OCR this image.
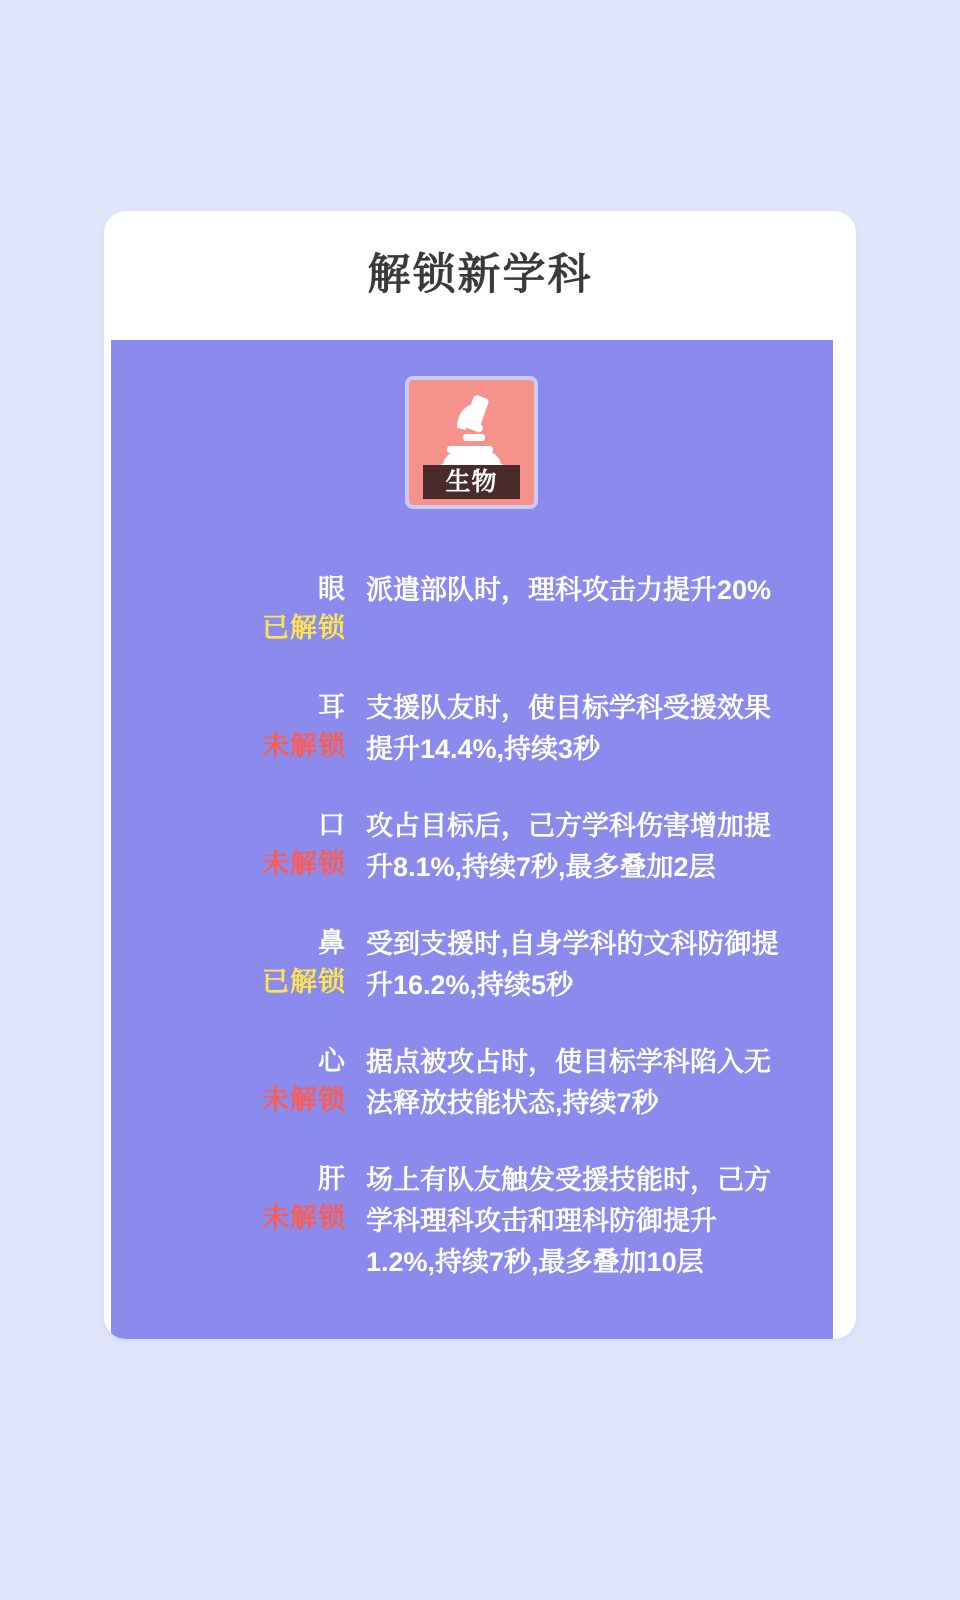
解锁新学科
生物
眼
已解锁
派遣部队时，理科攻击力提升20%
耳
未解锁
支援队友时，使目标学科受援效果提升14.4%,持续3秒
口
未解锁
攻占目标后，己方学科伤害增加提升8.1%,持续7秒,最多叠加2层
鼻
已解锁
受到支援时,自身学科的文科防御提升16.2%,持续5秒
心
未解锁
据点被攻占时，使目标学科陷入无法释放技能状态,持续7秒
肝
未解锁
场上有队友触发受援技能时，己方学科理科攻击和理科防御提升1.2%,持续7秒,最多叠加10层
